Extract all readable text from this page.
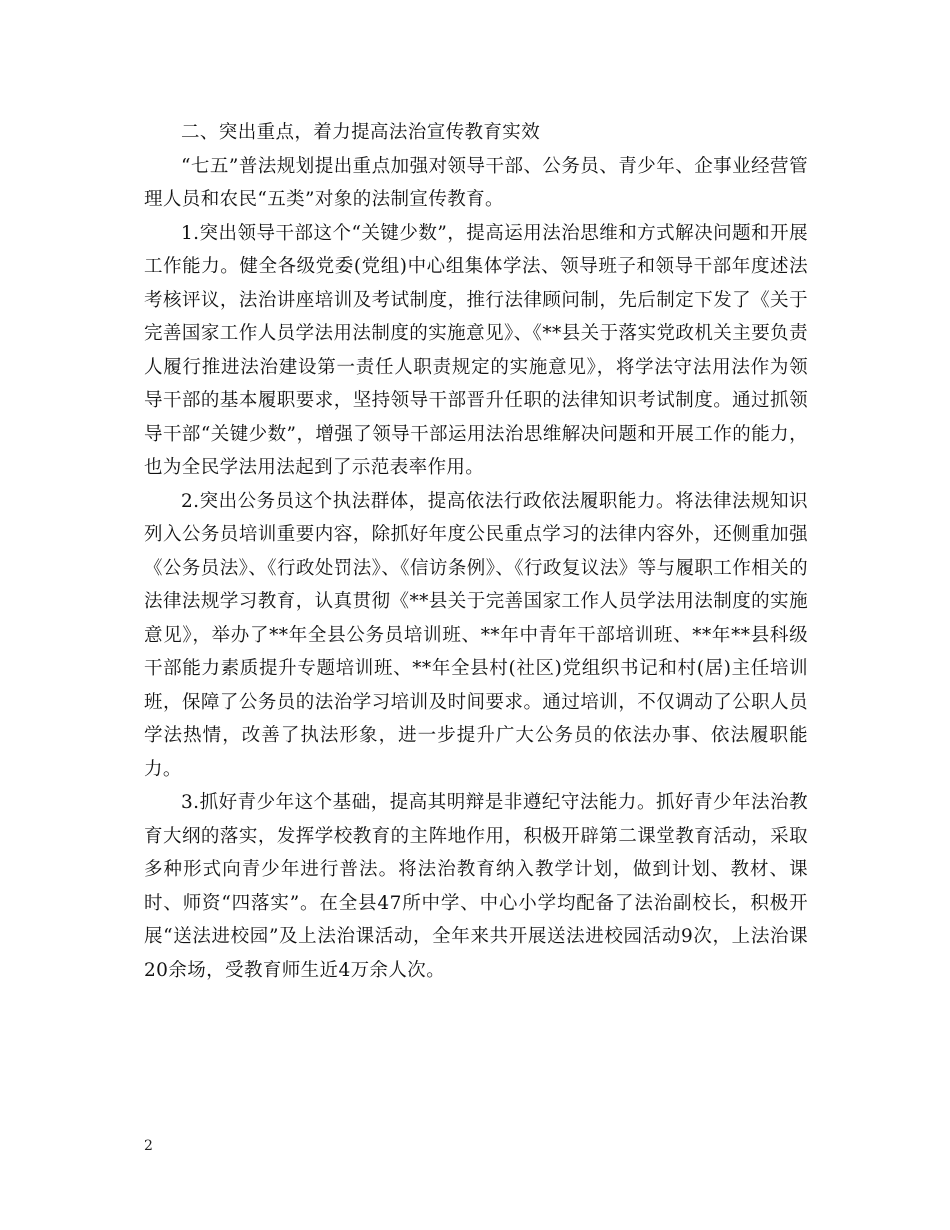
二、突出重点，着力提高法治宣传教育实效

“七五”普法规划提出重点加强对领导干部、公务员、青少年、企事业经营管理人员和农民“五类”对象的法制宣传教育。

1.突出领导干部这个“关键少数”，提高运用法治思维和方式解决问题和开展工作能力。健全各级党委(党组)中心组集体学法、领导班子和领导干部年度述法考核评议，法治讲座培训及考试制度，推行法律顾问制，先后制定下发了《关于完善国家工作人员学法用法制度的实施意见》、《**县关于落实党政机关主要负责人履行推进法治建设第一责任人职责规定的实施意见》，将学法守法用法作为领导干部的基本履职要求，坚持领导干部晋升任职的法律知识考试制度。通过抓领导干部“关键少数”，增强了领导干部运用法治思维解决问题和开展工作的能力，也为全民学法用法起到了示范表率作用。

2.突出公务员这个执法群体，提高依法行政依法履职能力。将法律法规知识列入公务员培训重要内容，除抓好年度公民重点学习的法律内容外，还侧重加强《公务员法》、《行政处罚法》、《信访条例》、《行政复议法》等与履职工作相关的法律法规学习教育，认真贯彻《**县关于完善国家工作人员学法用法制度的实施意见》，举办了**年全县公务员培训班、**年中青年干部培训班、**年**县科级干部能力素质提升专题培训班、**年全县村(社区)党组织书记和村(居)主任培训班，保障了公务员的法治学习培训及时间要求。通过培训，不仅调动了公职人员学法热情，改善了执法形象，进一步提升广大公务员的依法办事、依法履职能力。

3.抓好青少年这个基础，提高其明辩是非遵纪守法能力。抓好青少年法治教育大纲的落实，发挥学校教育的主阵地作用，积极开辟第二课堂教育活动，采取多种形式向青少年进行普法。将法治教育纳入教学计划，做到计划、教材、课时、师资“四落实”。在全县47所中学、中心小学均配备了法治副校长，积极开展“送法进校园”及上法治课活动，全年来共开展送法进校园活动9次，上法治课20余场，受教育师生近4万余人次。

2
